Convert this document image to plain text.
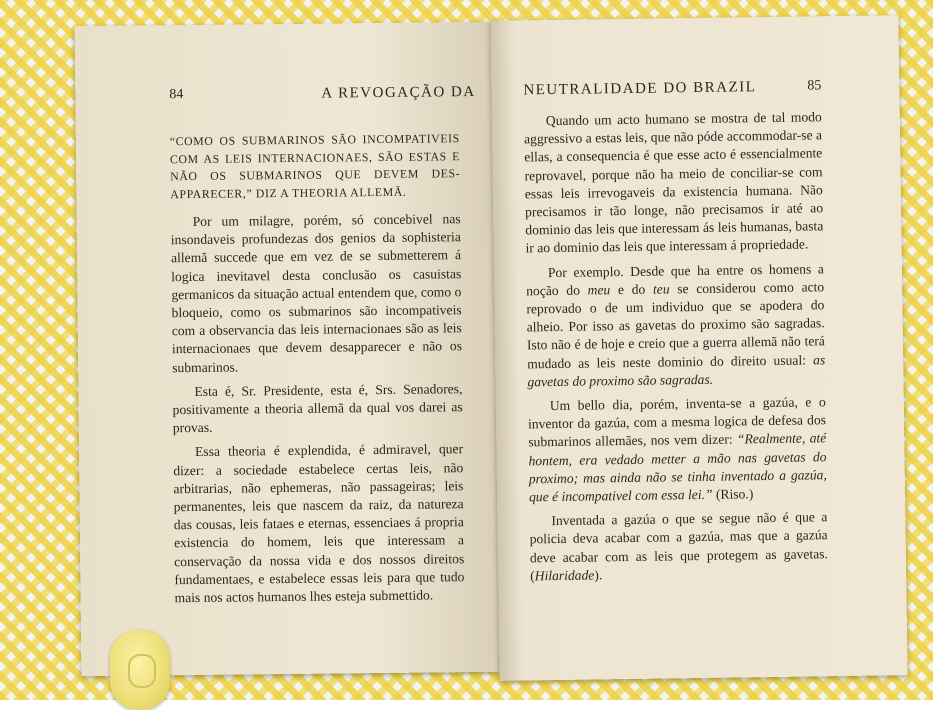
84	A REVOGAÇÃO DA
“COMO OS SUBMARINOS SÃO INCOMPATIVEIS COM AS LEIS INTERNACIONAES, SÃO ESTAS E NÃO OS SUBMARINOS QUE DEVEM DES-APPARECER,” DIZ A THEORIA ALLEMÃ.

Por um milagre, porém, só concebivel nas insondaveis profundezas dos genios da sophisteria allemã succede que em vez de se submetterem á logica inevitavel desta conclusão os casuistas germanicos da situação actual entendem que, como o bloqueio, como os submarinos são incompativeis com a observancia das leis internacionaes são as leis internacionaes que devem desapparecer e não os submarinos.

Esta é, Sr. Presidente, esta é, Srs. Senadores, positivamente a theoria allemã da qual vos darei as provas.

Essa theoria é explendida, é admiravel, quer dizer: a sociedade estabelece certas leis, não arbitrarias, não ephemeras, não passageiras; leis permanentes, leis que nascem da raiz, da natureza das cousas, leis fataes e eternas, essenciaes á propria existencia do homem, leis que interessam a conservação da nossa vida e dos nossos direitos fundamentaes, e estabelece essas leis para que tudo mais nos actos humanos lhes esteja submettido.

NEUTRALIDADE DO BRAZIL	85

Quando um acto humano se mostra de tal modo aggressivo a estas leis, que não póde accommodar-se a ellas, a consequencia é que esse acto é essencialmente reprovavel, porque não ha meio de conciliar-se com essas leis irrevogaveis da existencia humana. Não precisamos ir tão longe, não precisamos ir até ao dominio das leis que interessam ás leis humanas, basta ir ao dominio das leis que interessam á propriedade.

Por exemplo. Desde que ha entre os homens a noção do meu e do teu se considerou como acto reprovado o de um individuo que se apodera do alheio. Por isso as gavetas do proximo são sagradas. Isto não é de hoje e creio que a guerra allemã não terá mudado as leis neste dominio do direito usual: as gavetas do proximo são sagradas.

Um bello dia, porém, inventa-se a gazúa, e o inventor da gazúa, com a mesma logica de defesa dos submarinos allemães, nos vem dizer: “Realmente, até hontem, era vedado metter a mão nas gavetas do proximo; mas ainda não se tinha inventado a gazúa, que é incompativel com essa lei.” (Riso.)

Inventada a gazúa o que se segue não é que a policia deva acabar com a gazúa, mas que a gazúa deve acabar com as leis que protegem as gavetas. (Hilaridade).
